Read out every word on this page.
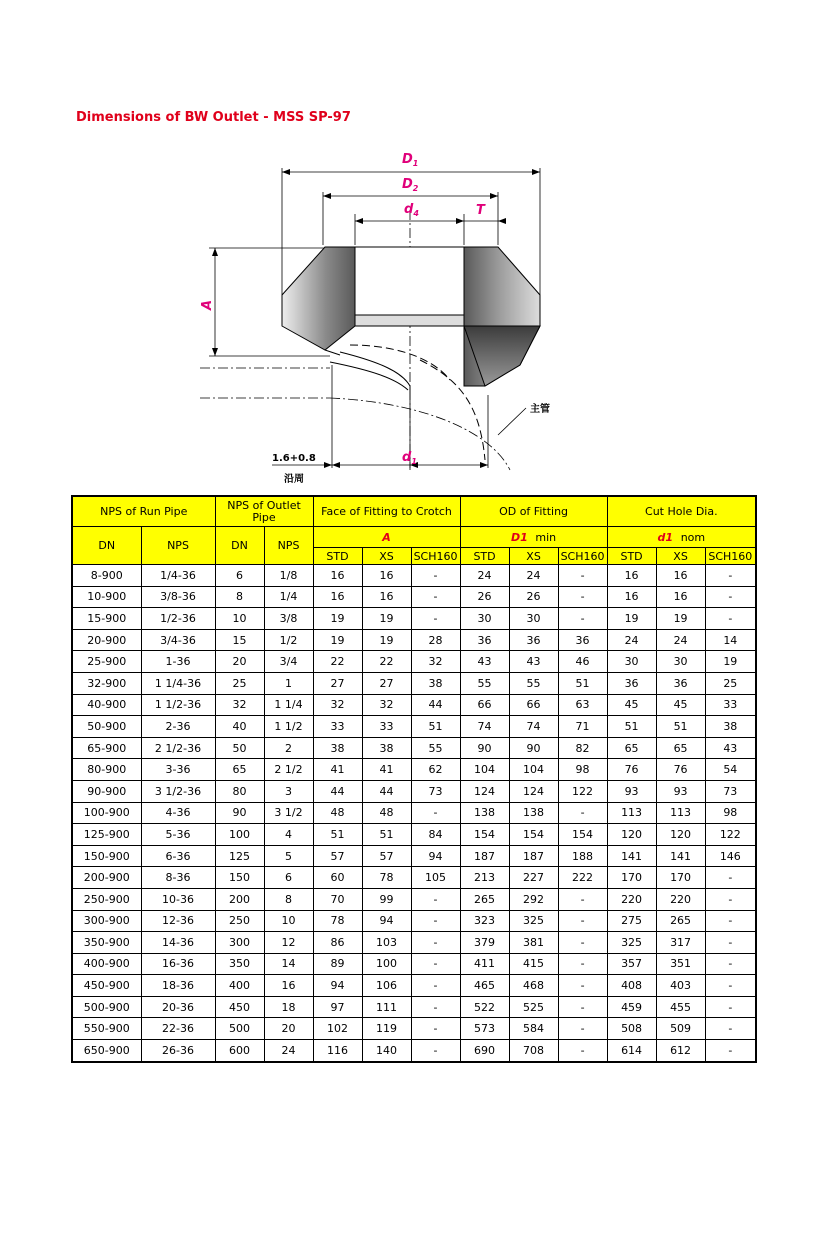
Dimensions of BW Outlet - MSS SP-97
$D_1$
$D_2$
$d_4$	T
A
$d_1$
1.6+0.8
沿周
主管
NPS of Run Pipe		NPS of Outlet Pipe		Face of Fitting to Crotch			OD of Fitting			Cut Hole Dia.		
DN	NPS	DN	NPS	A			D1 min			d1 nom		
				STD	XS	SCH160	STD	XS	SCH160	STD	XS	SCH160
8-900	1/4-36	6	1/8	16	16	-	24	24	-	16	16	-
10-900	3/8-36	8	1/4	16	16	-	26	26	-	16	16	-
15-900	1/2-36	10	3/8	19	19	-	30	30	-	19	19	-
20-900	3/4-36	15	1/2	19	19	28	36	36	36	24	24	14
25-900	1-36	20	3/4	22	22	32	43	43	46	30	30	19
32-900	1 1/4-36	25	1	27	27	38	55	55	51	36	36	25
40-900	1 1/2-36	32	1 1/4	32	32	44	66	66	63	45	45	33
50-900	2-36	40	1 1/2	33	33	51	74	74	71	51	51	38
65-900	2 1/2-36	50	2	38	38	55	90	90	82	65	65	43
80-900	3-36	65	2 1/2	41	41	62	104	104	98	76	76	54
90-900	3 1/2-36	80	3	44	44	73	124	124	122	93	93	73
100-900	4-36	90	3 1/2	48	48	-	138	138	-	113	113	98
125-900	5-36	100	4	51	51	84	154	154	154	120	120	122
150-900	6-36	125	5	57	57	94	187	187	188	141	141	146
200-900	8-36	150	6	60	78	105	213	227	222	170	170	-
250-900	10-36	200	8	70	99	-	265	292	-	220	220	-
300-900	12-36	250	10	78	94	-	323	325	-	275	265	-
350-900	14-36	300	12	86	103	-	379	381	-	325	317	-
400-900	16-36	350	14	89	100	-	411	415	-	357	351	-
450-900	18-36	400	16	94	106	-	465	468	-	408	403	-
500-900	20-36	450	18	97	111	-	522	525	-	459	455	-
550-900	22-36	500	20	102	119	-	573	584	-	508	509	-
650-900	26-36	600	24	116	140	-	690	708	-	614	612	-
